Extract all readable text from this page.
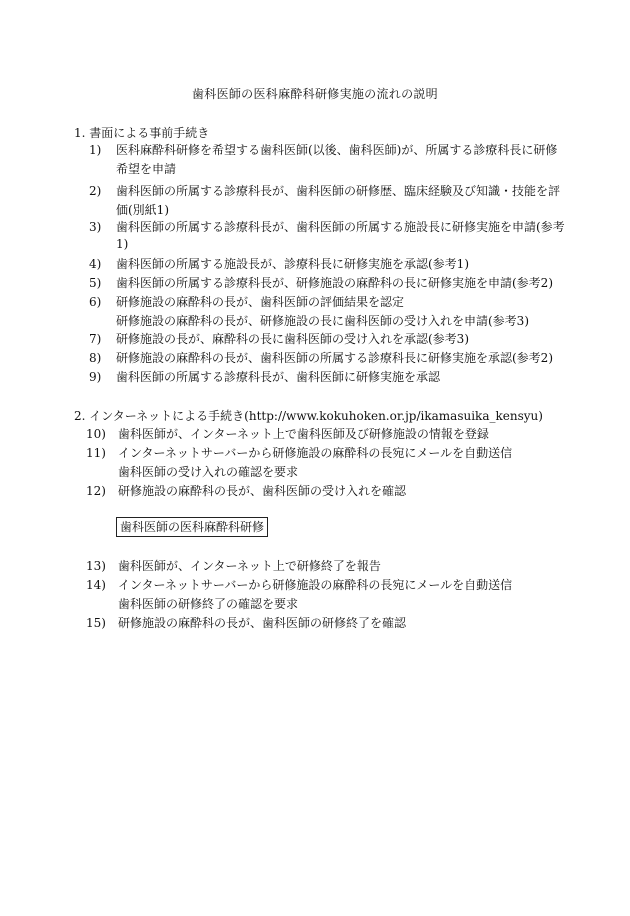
歯科医師の医科麻酔科研修実施の流れの説明
1. 書面による事前手続き
1) 医科麻酔科研修を希望する歯科医師(以後、歯科医師)が、所属する診療科長に研修
希望を申請
2) 歯科医師の所属する診療科長が、歯科医師の研修歴、臨床経験及び知識・技能を評
価(別紙1)
3) 歯科医師の所属する診療科長が、歯科医師の所属する施設長に研修実施を申請(参考
1)
4) 歯科医師の所属する施設長が、診療科長に研修実施を承認(参考1)
5) 歯科医師の所属する診療科長が、研修施設の麻酔科の長に研修実施を申請(参考2)
6) 研修施設の麻酔科の長が、歯科医師の評価結果を認定
研修施設の麻酔科の長が、研修施設の長に歯科医師の受け入れを申請(参考3)
7) 研修施設の長が、麻酔科の長に歯科医師の受け入れを承認(参考3)
8) 研修施設の麻酔科の長が、歯科医師の所属する診療科長に研修実施を承認(参考2)
9) 歯科医師の所属する診療科長が、歯科医師に研修実施を承認
2. インターネットによる手続き(http://www.kokuhoken.or.jp/ikamasuika_kensyu)
10) 歯科医師が、インターネット上で歯科医師及び研修施設の情報を登録
11) インターネットサーバーから研修施設の麻酔科の長宛にメールを自動送信
歯科医師の受け入れの確認を要求
12) 研修施設の麻酔科の長が、歯科医師の受け入れを確認
歯科医師の医科麻酔科研修
13) 歯科医師が、インターネット上で研修終了を報告
14) インターネットサーバーから研修施設の麻酔科の長宛にメールを自動送信
歯科医師の研修終了の確認を要求
15) 研修施設の麻酔科の長が、歯科医師の研修終了を確認
